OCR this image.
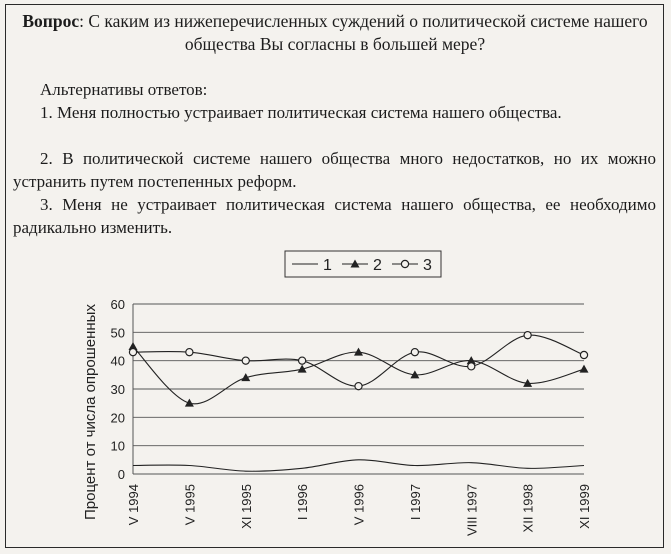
Вопрос: С каким из нижеперечисленных суждений о политической системе нашего общества Вы согласны в большей мере?
Альтернативы ответов:
1. Меня полностью устраивает политическая система нашего общества.
2. В политической системе нашего общества много недостатков, но их можно устранить путем постепенных реформ.
3. Меня не устраивает политическая система нашего общества, ее необходимо радикально изменить.
Процент от числа опрошенных 0
10
20
30
40
50
60
V 1994	V 1995	XI 1995	I 1996	V 1996	I 1997	VIII 1997	XII 1998	XI 1999
1	2	3
